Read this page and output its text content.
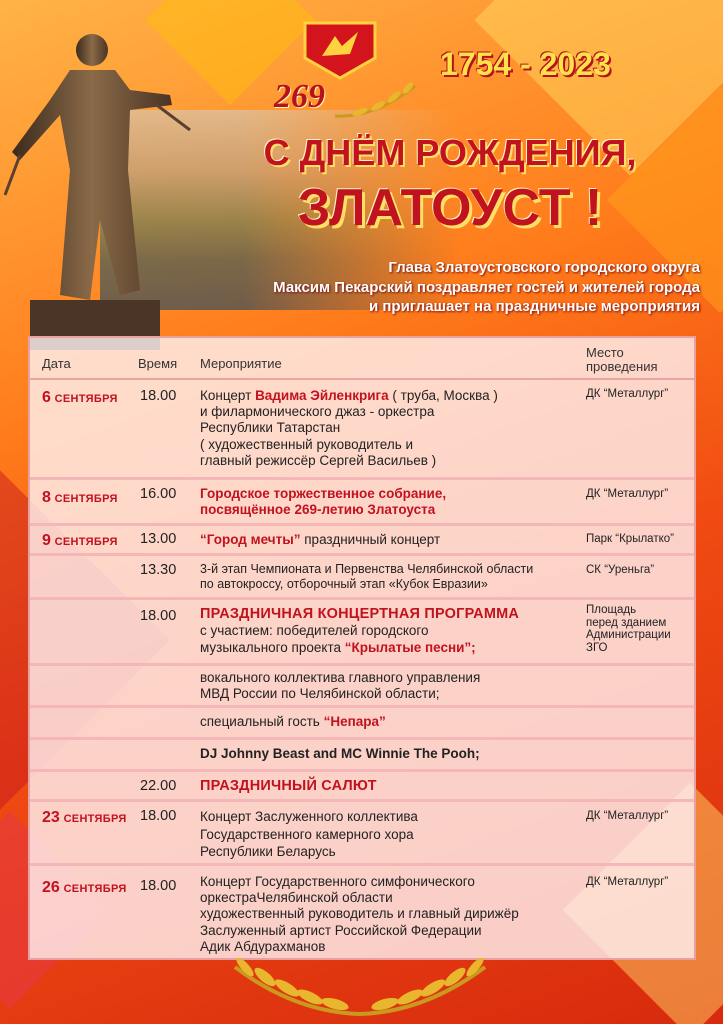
269
1754 - 2023
С ДНЁМ РОЖДЕНИЯ,
ЗЛАТОУСТ !
Глава Златоустовского городского округа
Максим Пекарский поздравляет гостей и жителей города
и приглашает на праздничные мероприятия
Дата	Время Мероприятие
Место
проведения
6 СЕНТЯБРЯ 18.00 Концерт Вадима Эйленкрига ( труба, Москва )
и филармонического джаз - оркестра
Республики Татарстан
( художественный руководитель и
главный режиссёр Сергей Васильев )
ДК “Металлург”
8 СЕНТЯБРЯ 16.00 Городское торжественное собрание,
посвящённое 269-летию Златоуста
ДК “Металлург”
9 СЕНТЯБРЯ 13.00 “Город мечты” праздничный концерт	Парк “Крылатко”
13.30 3-й этап Чемпионата и Первенства Челябинской области
по автокроссу, отборочный этап «Кубок Евразии»
СК “Уреньга”
18.00 ПРАЗДНИЧНАЯ КОНЦЕРТНАЯ ПРОГРАММА
с участием: победителей городского
музыкального проекта “Крылатые песни”;
Площадь
перед зданием
Администрации
ЗГО
вокального коллектива главного управления
МВД России по Челябинской области;
специальный гость “Непара”
DJ Johnny Beast and MC Winnie The Pooh;
22.00 ПРАЗДНИЧНЫЙ САЛЮТ
23 СЕНТЯБРЯ 18.00 Концерт Заслуженного коллектива
Государственного камерного хора
Республики Беларусь
ДК “Металлург”
26 СЕНТЯБРЯ 18.00 Концерт Государственного симфонического
оркестраЧелябинской области
художественный руководитель и главный дирижёр
Заслуженный артист Российской Федерации
Адик Абдурахманов
ДК “Металлург”
